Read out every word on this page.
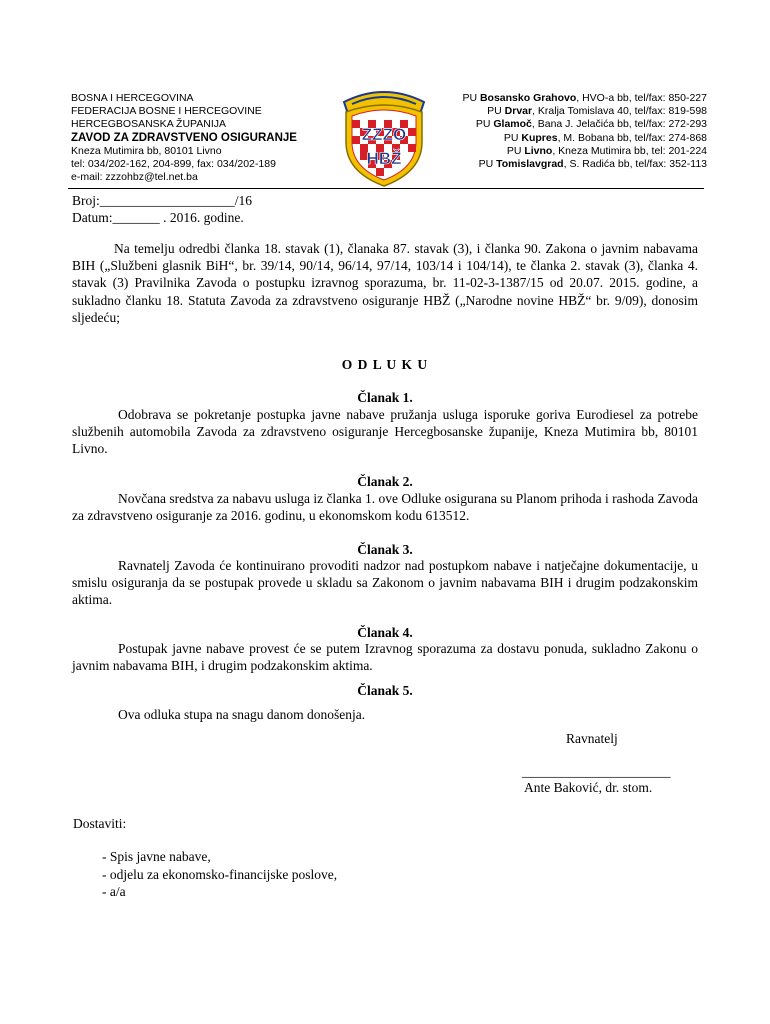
BOSNA I HERCEGOVINA
FEDERACIJA BOSNE I HERCEGOVINE
HERCEGBOSANSKA ŽUPANIJA
ZAVOD ZA ZDRAVSTVENO OSIGURANJE
Kneza Mutimira bb, 80101 Livno
tel: 034/202-162, 204-899, fax: 034/202-189
e-mail: zzzohbz@tel.net.ba
ZZZO
HBŽ
PU Bosansko Grahovo, HVO-a bb, tel/fax: 850-227
PU Drvar, Kralja Tomislava 40, tel/fax: 819-598
PU Glamoč, Bana J. Jelačića bb, tel/fax: 272-293
PU Kupres, M. Bobana bb, tel/fax: 274-868
PU Livno, Kneza Mutimira bb, tel: 201-224
PU Tomislavgrad, S. Radića bb, tel/fax: 352-113
Broj:____________________/16
Datum:_______ . 2016. godine.
Na temelju odredbi članka 18. stavak (1), članaka 87. stavak (3), i članka 90. Zakona o javnim nabavama BIH („Službeni glasnik BiH“, br. 39/14, 90/14, 96/14, 97/14, 103/14 i 104/14), te članka 2. stavak (3), članka 4. stavak (3) Pravilnika Zavoda o postupku izravnog sporazuma, br. 11-02-3-1387/15 od 20.07. 2015. godine, a sukladno članku 18. Statuta Zavoda za zdravstveno osiguranje HBŽ („Narodne novine HBŽ“ br. 9/09), donosim sljedeću;
O D L U K U
Članak 1.
Odobrava se pokretanje postupka javne nabave pružanja usluga isporuke goriva Eurodiesel za potrebe službenih automobila Zavoda za zdravstveno osiguranje Hercegbosanske županije, Kneza Mutimira bb, 80101 Livno.
Članak 2.
Novčana sredstva za nabavu usluga iz članka 1. ove Odluke osigurana su Planom prihoda i rashoda Zavoda za zdravstveno osiguranje za 2016. godinu, u ekonomskom kodu 613512.
Članak 3.
Ravnatelj Zavoda će kontinuirano provoditi nadzor nad postupkom nabave i natječajne dokumentacije, u smislu osiguranja da se postupak provede u skladu sa Zakonom o javnim nabavama BIH i drugim podzakonskim aktima.
Članak 4.
Postupak javne nabave provest će se putem Izravnog sporazuma za dostavu ponuda, sukladno Zakonu o javnim nabavama BIH, i drugim podzakonskim aktima.
Članak 5.
Ova odluka stupa na snagu danom donošenja.
Ravnatelj
______________________
Ante Baković, dr. stom.
Dostaviti:
- Spis javne nabave,
- odjelu za ekonomsko-financijske poslove,
- a/a
